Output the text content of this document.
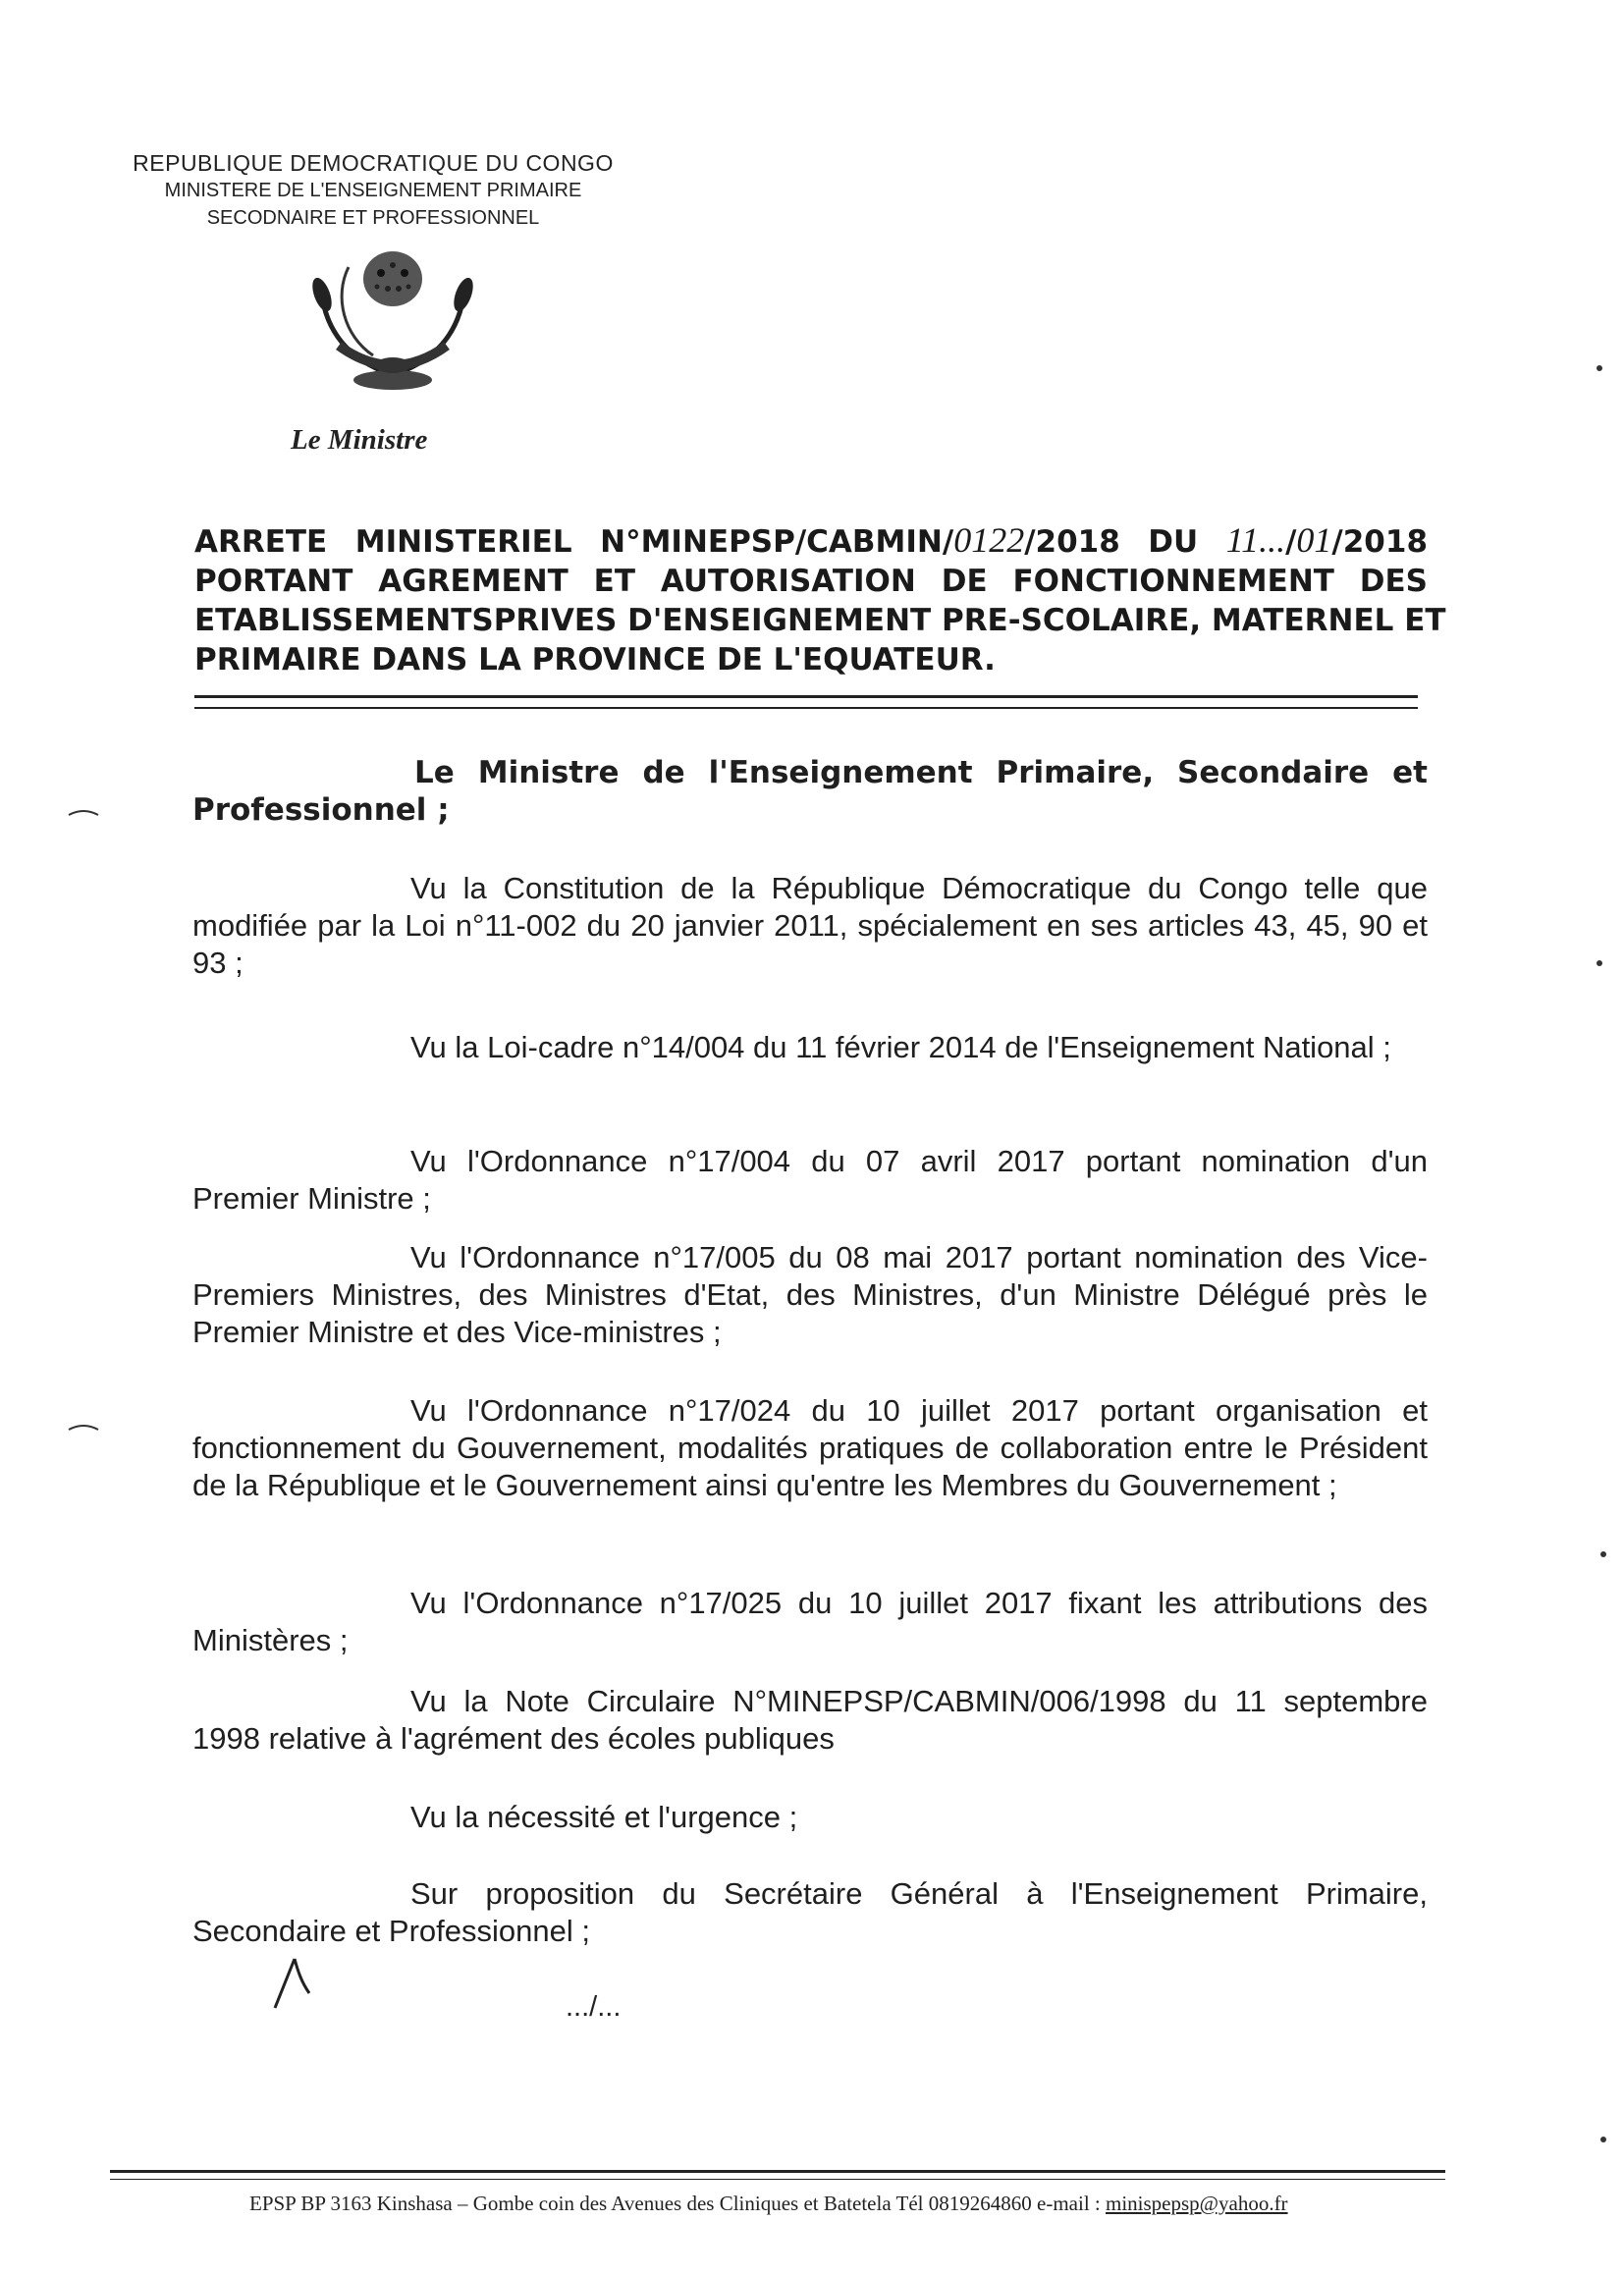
REPUBLIQUE DEMOCRATIQUE DU CONGO
MINISTERE DE L'ENSEIGNEMENT PRIMAIRE
SECODNAIRE ET PROFESSIONNEL
Le Ministre
ARRETE MINISTERIEL N°MINEPSP/CABMIN/0122/2018 DU 11.../01/2018
PORTANT AGREMENT ET AUTORISATION DE FONCTIONNEMENT DES
ETABLISSEMENTSPRIVES D'ENSEIGNEMENT PRE-SCOLAIRE, MATERNEL ET
PRIMAIRE DANS LA PROVINCE DE L'EQUATEUR.

Le Ministre de l'Enseignement Primaire, Secondaire et Professionnel ;

Vu la Constitution de la République Démocratique du Congo telle que modifiée par la Loi n°11-002 du 20 janvier 2011, spécialement en ses articles 43, 45, 90 et 93 ;

Vu la Loi-cadre n°14/004 du 11 février 2014 de l'Enseignement National ;

Vu l'Ordonnance n°17/004 du 07 avril 2017 portant nomination d'un Premier Ministre ;

Vu l'Ordonnance n°17/005 du 08 mai 2017 portant nomination des Vice-Premiers Ministres, des Ministres d'Etat, des Ministres, d'un Ministre Délégué près le Premier Ministre et des Vice-ministres ;

Vu l'Ordonnance n°17/024 du 10 juillet 2017 portant organisation et fonctionnement du Gouvernement, modalités pratiques de collaboration entre le Président de la République et le Gouvernement ainsi qu'entre les Membres du Gouvernement ;

Vu l'Ordonnance n°17/025 du 10 juillet 2017 fixant les attributions des Ministères ;

Vu la Note Circulaire N°MINEPSP/CABMIN/006/1998 du 11 septembre 1998 relative à l'agrément des écoles publiques

Vu la nécessité et l'urgence ;

Sur proposition du Secrétaire Général à l'Enseignement Primaire, Secondaire et Professionnel ;

.../...
EPSP BP 3163 Kinshasa – Gombe coin des Avenues des Cliniques et Batetela Tél 0819264860 e-mail : minispepsp@yahoo.fr
